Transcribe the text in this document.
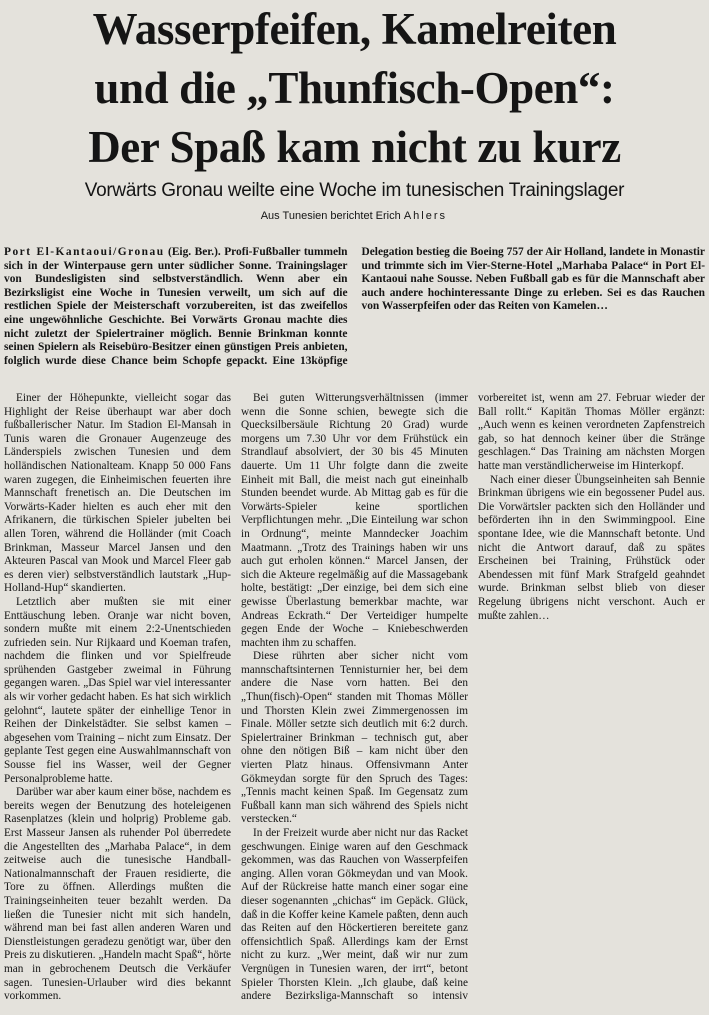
Wasserpfeifen, Kamelreiten
und die „Thunfisch-Open“:
Der Spaß kam nicht zu kurz
Vorwärts Gronau weilte eine Woche im tunesischen Trainingslager
Aus Tunesien berichtet Erich Ahlers

Port El-Kantaoui/Gronau (Eig. Ber.). Profi-Fußballer tummeln sich in der Winterpause gern unter südlicher Sonne. Trainingslager von Bundesligisten sind selbstverständlich. Wenn aber ein Bezirksligist eine Woche in Tunesien verweilt, um sich auf die restlichen Spiele der Meisterschaft vorzubereiten, ist das zweifellos eine ungewöhnliche Geschichte. Bei Vorwärts Gronau machte dies nicht zuletzt der Spielertrainer möglich. Bennie Brinkman konnte seinen Spielern als Reisebüro-Besitzer einen günstigen Preis anbieten, folglich wurde diese Chance beim Schopfe gepackt. Eine 13köpfige Delegation bestieg die Boeing 757 der Air Holland, landete in Monastir und trimmte sich im Vier-Sterne-Hotel „Marhaba Palace“ in Port El-Kantaoui nahe Sousse. Neben Fußball gab es für die Mannschaft aber auch andere hochinteressante Dinge zu erleben. Sei es das Rauchen von Wasserpfeifen oder das Reiten von Kamelen…

Einer der Höhepunkte, vielleicht sogar das Highlight der Reise überhaupt war aber doch fußballerischer Natur. Im Stadion El-Mansah in Tunis waren die Gronauer Augenzeuge des Länderspiels zwischen Tunesien und dem holländischen Nationalteam. Knapp 50 000 Fans waren zugegen, die Einheimischen feuerten ihre Mannschaft frenetisch an. Die Deutschen im Vorwärts-Kader hielten es auch eher mit den Afrikanern, die türkischen Spieler jubelten bei allen Toren, während die Holländer (mit Coach Brinkman, Masseur Marcel Jansen und den Akteuren Pascal van Mook und Marcel Fleer gab es deren vier) selbstverständlich lautstark „Hup-Holland-Hup“ skandierten.

Letztlich aber mußten sie mit einer Enttäuschung leben. Oranje war nicht boven, sondern mußte mit einem 2:2-Unentschieden zufrieden sein. Nur Rijkaard und Koeman trafen, nachdem die flinken und vor Spielfreude sprühenden Gastgeber zweimal in Führung gegangen waren. „Das Spiel war viel interessanter als wir vorher gedacht haben. Es hat sich wirklich gelohnt“, lautete später der einhellige Tenor in Reihen der Dinkelstädter. Sie selbst kamen – abgesehen vom Training – nicht zum Einsatz. Der geplante Test gegen eine Auswahlmannschaft von Sousse fiel ins Wasser, weil der Gegner Personalprobleme hatte.

Darüber war aber kaum einer böse, nachdem es bereits wegen der Benutzung des hoteleigenen Rasenplatzes (klein und holprig) Probleme gab. Erst Masseur Jansen als ruhender Pol überredete die Angestellten des „Marhaba Palace“, in dem zeitweise auch die tunesische Handball-Nationalmannschaft der Frauen residierte, die Tore zu öffnen. Allerdings mußten die Trainingseinheiten teuer bezahlt werden. Da ließen die Tunesier nicht mit sich handeln, während man bei fast allen anderen Waren und Dienstleistungen geradezu genötigt war, über den Preis zu diskutieren. „Handeln macht Spaß“, hörte man in gebrochenem Deutsch die Verkäufer sagen. Tunesien-Urlauber wird dies bekannt vorkommen.

Bei guten Witterungsverhältnissen (immer wenn die Sonne schien, bewegte sich die Quecksilbersäule Richtung 20 Grad) wurde morgens um 7.30 Uhr vor dem Frühstück ein Strandlauf absolviert, der 30 bis 45 Minuten dauerte. Um 11 Uhr folgte dann die zweite Einheit mit Ball, die meist nach gut eineinhalb Stunden beendet wurde. Ab Mittag gab es für die Vorwärts-Spieler keine sportlichen Verpflichtungen mehr. „Die Einteilung war schon in Ordnung“, meinte Manndecker Joachim Maatmann. „Trotz des Trainings haben wir uns auch gut erholen können.“ Marcel Jansen, der sich die Akteure regelmäßig auf die Massagebank holte, bestätigt: „Der einzige, bei dem sich eine gewisse Überlastung bemerkbar machte, war Andreas Eckrath.“ Der Verteidiger humpelte gegen Ende der Woche – Kniebeschwerden machten ihm zu schaffen.

Diese rührten aber sicher nicht vom mannschaftsinternen Tennisturnier her, bei dem andere die Nase vorn hatten. Bei den „Thun(fisch)-Open“ standen mit Thomas Möller und Thorsten Klein zwei Zimmergenossen im Finale. Möller setzte sich deutlich mit 6:2 durch. Spielertrainer Brinkman – technisch gut, aber ohne den nötigen Biß – kam nicht über den vierten Platz hinaus. Offensivmann Anter Gökmeydan sorgte für den Spruch des Tages: „Tennis macht keinen Spaß. Im Gegensatz zum Fußball kann man sich während des Spiels nicht verstecken.“

In der Freizeit wurde aber nicht nur das Racket geschwungen. Einige waren auf den Geschmack gekommen, was das Rauchen von Wasserpfeifen anging. Allen voran Gökmeydan und van Mook. Auf der Rückreise hatte manch einer sogar eine dieser sogenannten „chichas“ im Gepäck. Glück, daß in die Koffer keine Kamele paßten, denn auch das Reiten auf den Höckertieren bereitete ganz offensichtlich Spaß. Allerdings kam der Ernst nicht zu kurz. „Wer meint, daß wir nur zum Vergnügen in Tunesien waren, der irrt“, betont Spieler Thorsten Klein. „Ich glaube, daß keine andere Bezirksliga-Mannschaft so intensiv vorbereitet ist, wenn am 27. Februar wieder der Ball rollt.“ Kapitän Thomas Möller ergänzt: „Auch wenn es keinen verordneten Zapfenstreich gab, so hat dennoch keiner über die Stränge geschlagen.“ Das Training am nächsten Morgen hatte man verständlicherweise im Hinterkopf.

Nach einer dieser Übungseinheiten sah Bennie Brinkman übrigens wie ein begossener Pudel aus. Die Vorwärtsler packten sich den Holländer und beförderten ihn in den Swimmingpool. Eine spontane Idee, wie die Mannschaft betonte. Und nicht die Antwort darauf, daß zu spätes Erscheinen bei Training, Frühstück oder Abendessen mit fünf Mark Strafgeld geahndet wurde. Brinkman selbst blieb von dieser Regelung übrigens nicht verschont. Auch er mußte zahlen…
